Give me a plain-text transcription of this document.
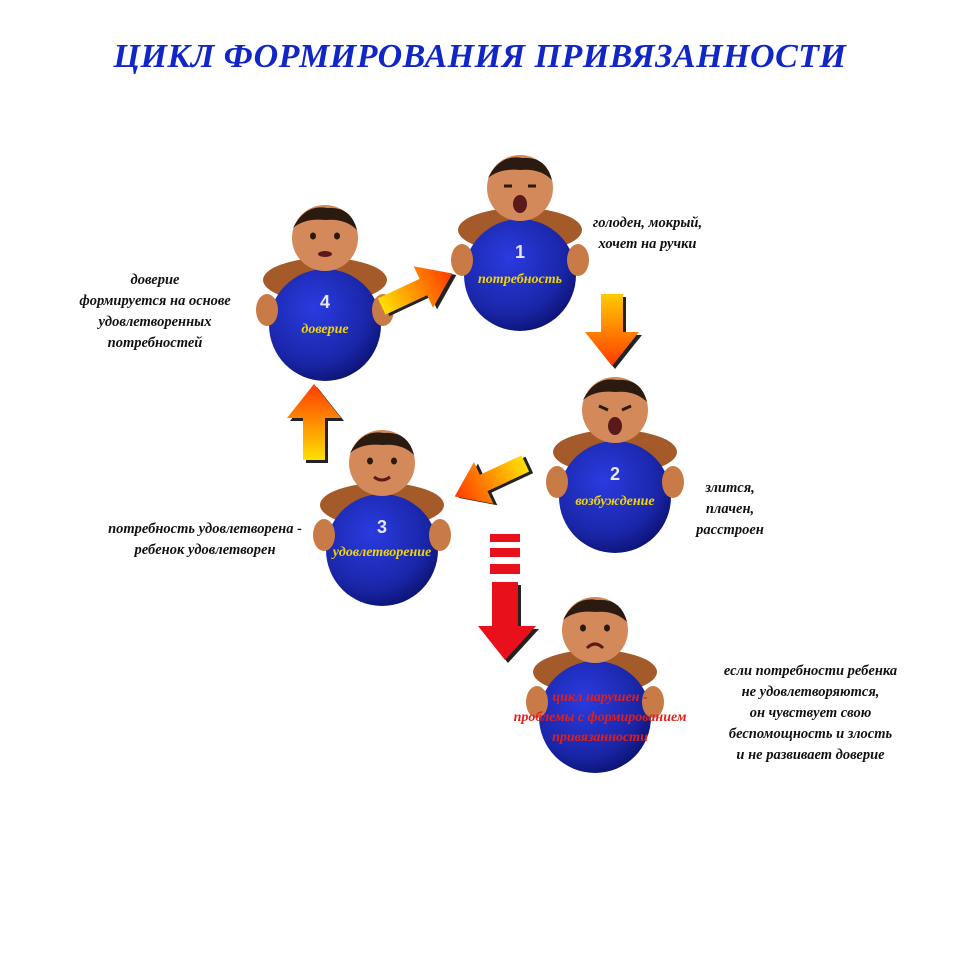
ЦИКЛ ФОРМИРОВАНИЯ ПРИВЯЗАННОСТИ
4
доверие
1
потребность
2
возбуждение
3
удовлетворение
цикл нарушен -
проблемы с формированием
привязанности
доверие
формируется на основе
удовлетворенных
потребностей
голоден, мокрый,
хочет на ручки
злится,
плачен,
расстроен
потребность удовлетворена -
ребенок удовлетворен
если потребности ребенка
не удовлетворяются,
он чувствует свою
беспомощность и злость
и не развивает доверие
